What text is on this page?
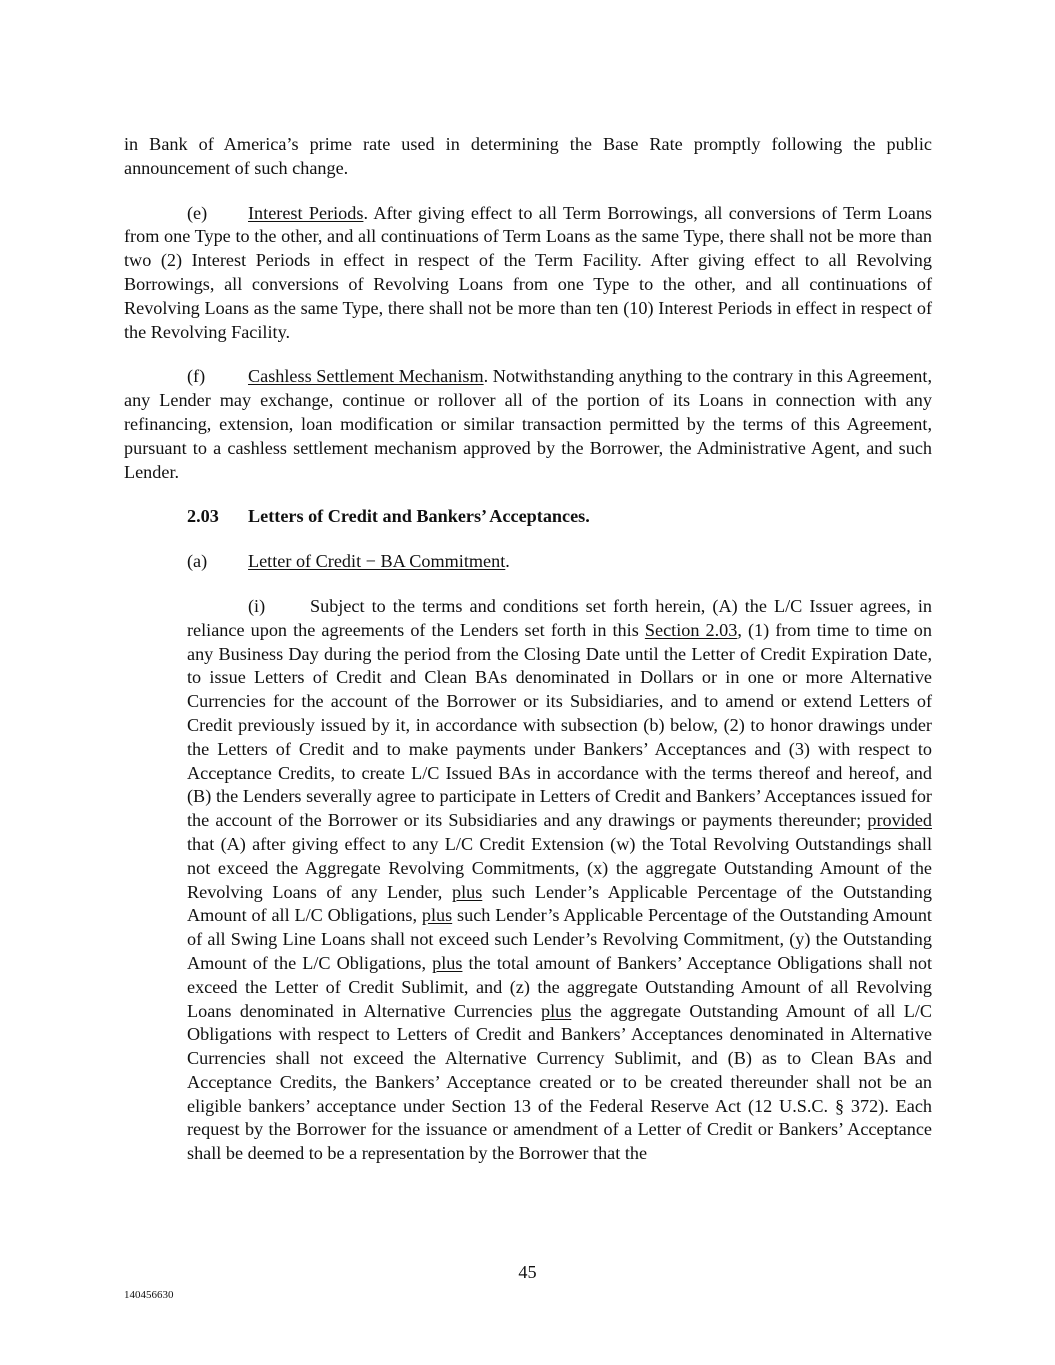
in Bank of America’s prime rate used in determining the Base Rate promptly following the public announcement of such change.

(e) Interest Periods. After giving effect to all Term Borrowings, all conversions of Term Loans from one Type to the other, and all continuations of Term Loans as the same Type, there shall not be more than two (2) Interest Periods in effect in respect of the Term Facility. After giving effect to all Revolving Borrowings, all conversions of Revolving Loans from one Type to the other, and all continuations of Revolving Loans as the same Type, there shall not be more than ten (10) Interest Periods in effect in respect of the Revolving Facility.

(f) Cashless Settlement Mechanism. Notwithstanding anything to the contrary in this Agreement, any Lender may exchange, continue or rollover all of the portion of its Loans in connection with any refinancing, extension, loan modification or similar transaction permitted by the terms of this Agreement, pursuant to a cashless settlement mechanism approved by the Borrower, the Administrative Agent, and such Lender.

2.03 Letters of Credit and Bankers’ Acceptances.

(a) Letter of Credit − BA Commitment.

(i) Subject to the terms and conditions set forth herein, (A) the L/C Issuer agrees, in reliance upon the agreements of the Lenders set forth in this Section 2.03, (1) from time to time on any Business Day during the period from the Closing Date until the Letter of Credit Expiration Date, to issue Letters of Credit and Clean BAs denominated in Dollars or in one or more Alternative Currencies for the account of the Borrower or its Subsidiaries, and to amend or extend Letters of Credit previously issued by it, in accordance with subsection (b) below, (2) to honor drawings under the Letters of Credit and to make payments under Bankers’ Acceptances and (3) with respect to Acceptance Credits, to create L/C Issued BAs in accordance with the terms thereof and hereof, and (B) the Lenders severally agree to participate in Letters of Credit and Bankers’ Acceptances issued for the account of the Borrower or its Subsidiaries and any drawings or payments thereunder; provided that (A) after giving effect to any L/C Credit Extension (w) the Total Revolving Outstandings shall not exceed the Aggregate Revolving Commitments, (x) the aggregate Outstanding Amount of the Revolving Loans of any Lender, plus such Lender’s Applicable Percentage of the Outstanding Amount of all L/C Obligations, plus such Lender’s Applicable Percentage of the Outstanding Amount of all Swing Line Loans shall not exceed such Lender’s Revolving Commitment, (y) the Outstanding Amount of the L/C Obligations, plus the total amount of Bankers’ Acceptance Obligations shall not exceed the Letter of Credit Sublimit, and (z) the aggregate Outstanding Amount of all Revolving Loans denominated in Alternative Currencies plus the aggregate Outstanding Amount of all L/C Obligations with respect to Letters of Credit and Bankers’ Acceptances denominated in Alternative Currencies shall not exceed the Alternative Currency Sublimit, and (B) as to Clean BAs and Acceptance Credits, the Bankers’ Acceptance created or to be created thereunder shall not be an eligible bankers’ acceptance under Section 13 of the Federal Reserve Act (12 U.S.C. § 372). Each request by the Borrower for the issuance or amendment of a Letter of Credit or Bankers’ Acceptance shall be deemed to be a representation by the Borrower that the

45
140456630
